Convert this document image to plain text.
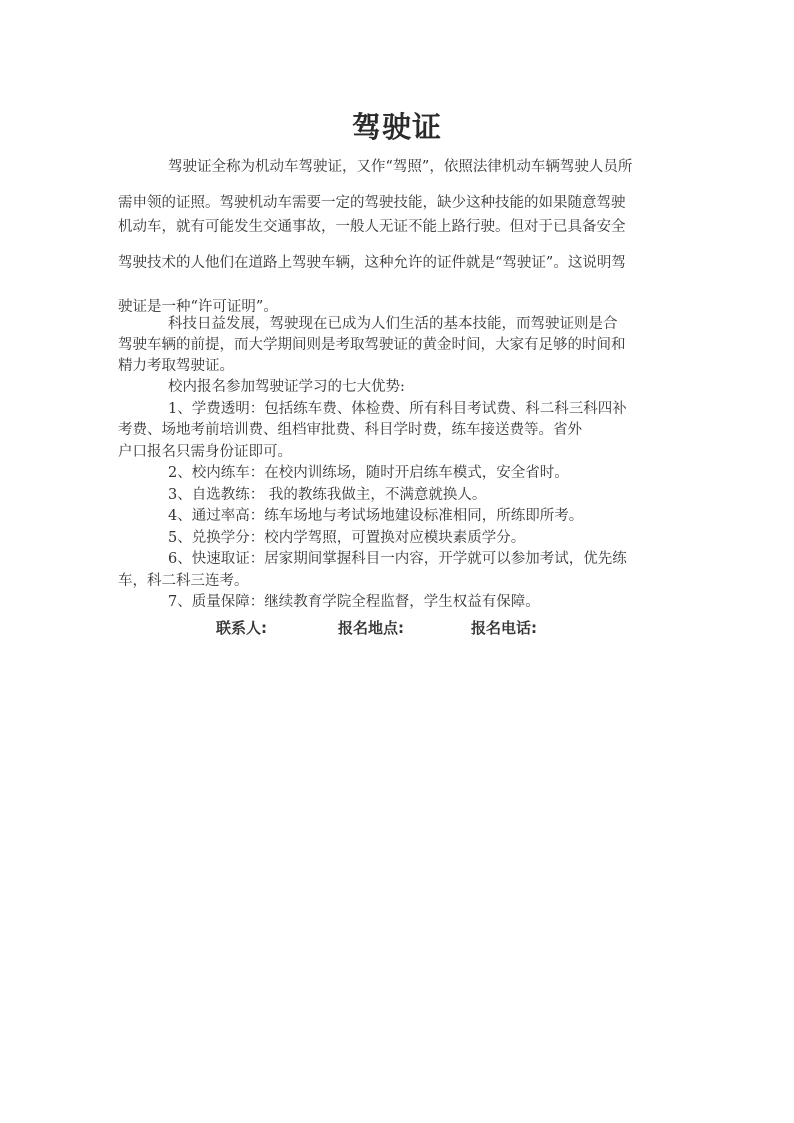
驾驶证
驾驶证全称为机动车驾驶证，又作“驾照”，依照法律机动车辆驾驶人员所
需申领的证照。驾驶机动车需要一定的驾驶技能，缺少这种技能的如果随意驾驶
机动车，就有可能发生交通事故，一般人无证不能上路行驶。但对于已具备安全
驾驶技术的人他们在道路上驾驶车辆，这种允许的证件就是“驾驶证”。这说明驾
驶证是一种“许可证明”。
科技日益发展，驾驶现在已成为人们生活的基本技能，而驾驶证则是合
驾驶车辆的前提，而大学期间则是考取驾驶证的黄金时间，大家有足够的时间和
精力考取驾驶证。
校内报名参加驾驶证学习的七大优势:
1、学费透明：包括练车费、体检费、所有科目考试费、科二科三科四补
考费、场地考前培训费、组档审批费、科目学时费，练车接送费等。省外
户口报名只需身份证即可。
2、校内练车：在校内训练场，随时开启练车模式，安全省时。
3、自选教练： 我的教练我做主，不满意就换人。
4、通过率高：练车场地与考试场地建设标准相同，所练即所考。
5、兑换学分：校内学驾照，可置换对应模块素质学分。
6、快速取证：居家期间掌握科目一内容，开学就可以参加考试，优先练
车，科二科三连考。
7、质量保障：继续教育学院全程监督，学生权益有保障。
联系人:	报名地点:	报名电话:
